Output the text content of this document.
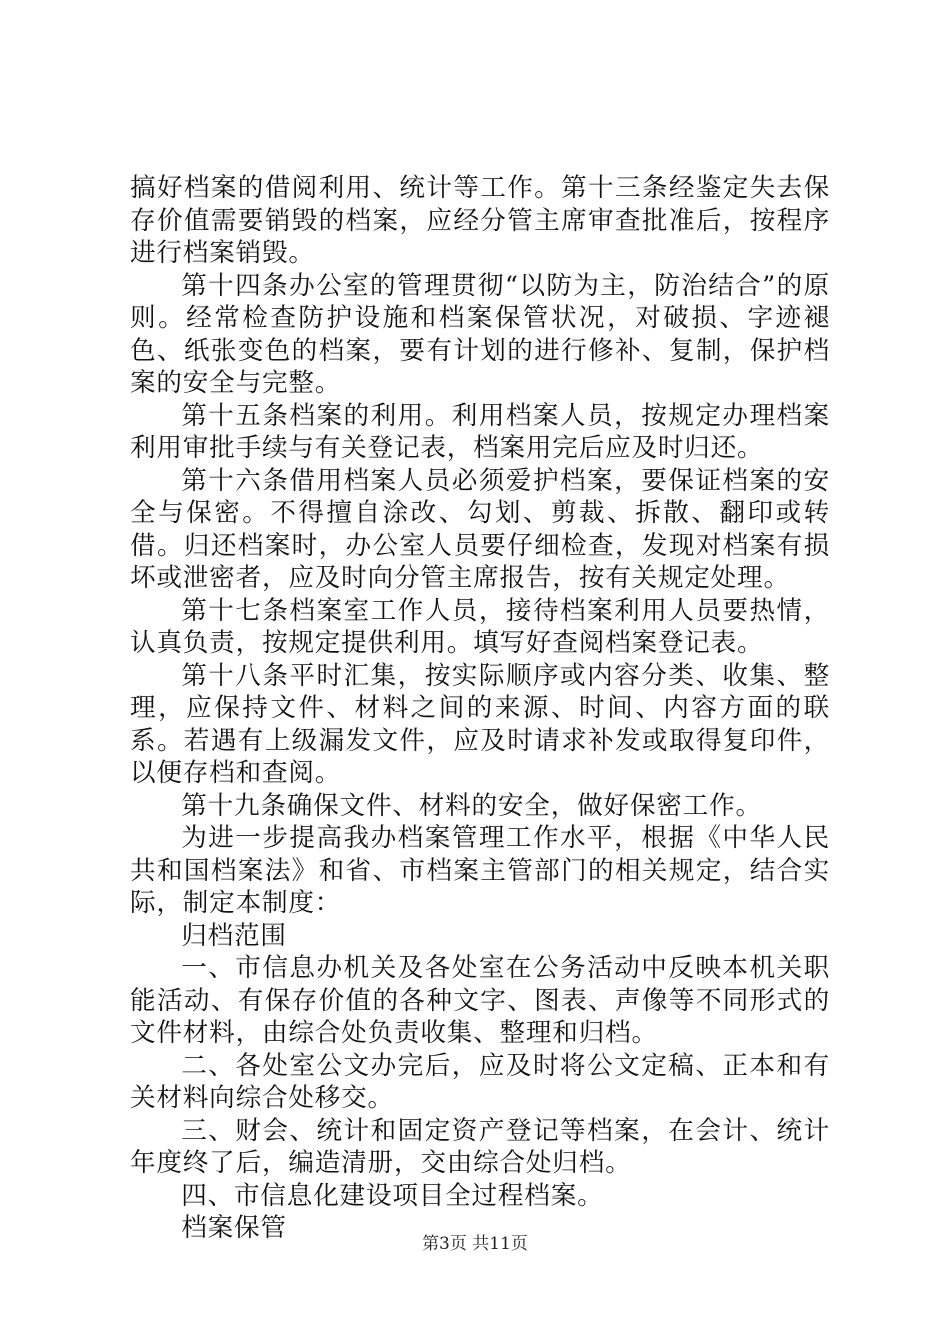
搞好档案的借阅利用、统计等工作。第十三条经鉴定失去保存价值需要销毁的档案，应经分管主席审查批准后，按程序进行档案销毁。

第十四条办公室的管理贯彻“以防为主，防治结合”的原则。经常检查防护设施和档案保管状况，对破损、字迹褪色、纸张变色的档案，要有计划的进行修补、复制，保护档案的安全与完整。

第十五条档案的利用。利用档案人员，按规定办理档案利用审批手续与有关登记表，档案用完后应及时归还。

第十六条借用档案人员必须爱护档案，要保证档案的安全与保密。不得擅自涂改、勾划、剪裁、拆散、翻印或转借。归还档案时，办公室人员要仔细检查，发现对档案有损坏或泄密者，应及时向分管主席报告，按有关规定处理。

第十七条档案室工作人员，接待档案利用人员要热情，认真负责，按规定提供利用。填写好查阅档案登记表。

第十八条平时汇集，按实际顺序或内容分类、收集、整理，应保持文件、材料之间的来源、时间、内容方面的联系。若遇有上级漏发文件，应及时请求补发或取得复印件，以便存档和查阅。

第十九条确保文件、材料的安全，做好保密工作。

为进一步提高我办档案管理工作水平，根据《中华人民共和国档案法》和省、市档案主管部门的相关规定，结合实际，制定本制度：

归档范围

一、市信息办机关及各处室在公务活动中反映本机关职能活动、有保存价值的各种文字、图表、声像等不同形式的文件材料，由综合处负责收集、整理和归档。

二、各处室公文办完后，应及时将公文定稿、正本和有关材料向综合处移交。

三、财会、统计和固定资产登记等档案，在会计、统计年度终了后，编造清册，交由综合处归档。

四、市信息化建设项目全过程档案。

档案保管

第3页 共11页
